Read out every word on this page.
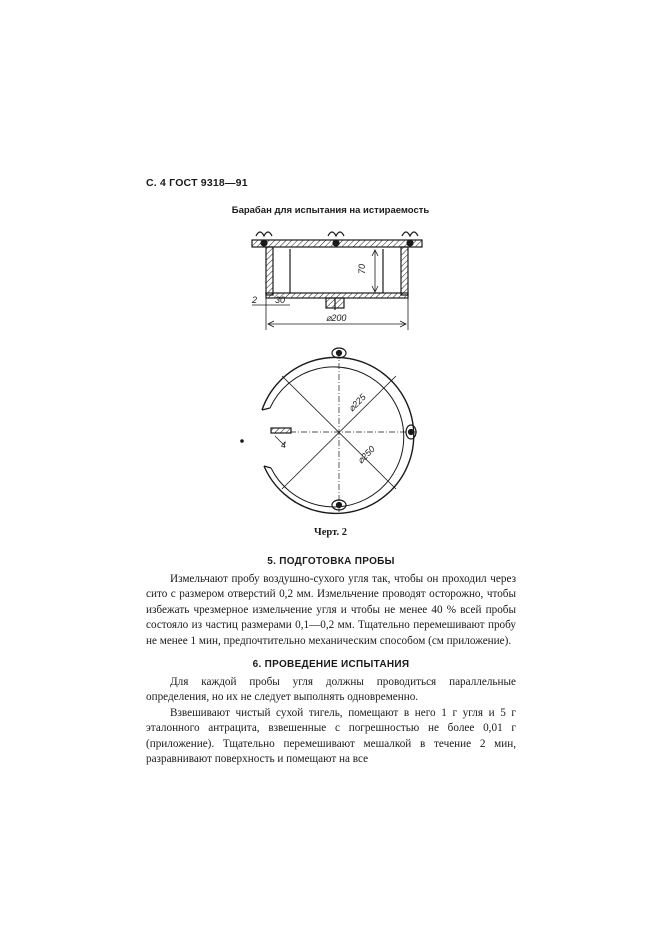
С. 4 ГОСТ 9318—91
Барабан для испытания на истираемость
70
30
2
⌀200
⌀225
⌀250
4
Черт. 2
5. ПОДГОТОВКА ПРОБЫ

Измельчают пробу воздушно-сухого угля так, чтобы он проходил через сито с размером отверстий 0,2 мм. Измельчение проводят осторожно, чтобы избежать чрезмерное измельчение угля и чтобы не менее 40 % всей пробы состояло из частиц размерами 0,1—0,2 мм. Тщательно перемешивают пробу не менее 1 мин, предпочтительно механическим способом (см приложение).

6. ПРОВЕДЕНИЕ ИСПЫТАНИЯ

Для каждой пробы угля должны проводиться параллельные определения, но их не следует выполнять одновременно.

Взвешивают чистый сухой тигель, помещают в него 1 г угля и 5 г эталонного антрацита, взвешенные с погрешностью не более 0,01 г (приложение). Тщательно перемешивают мешалкой в течение 2 мин, разравнивают поверхность и помещают на все
